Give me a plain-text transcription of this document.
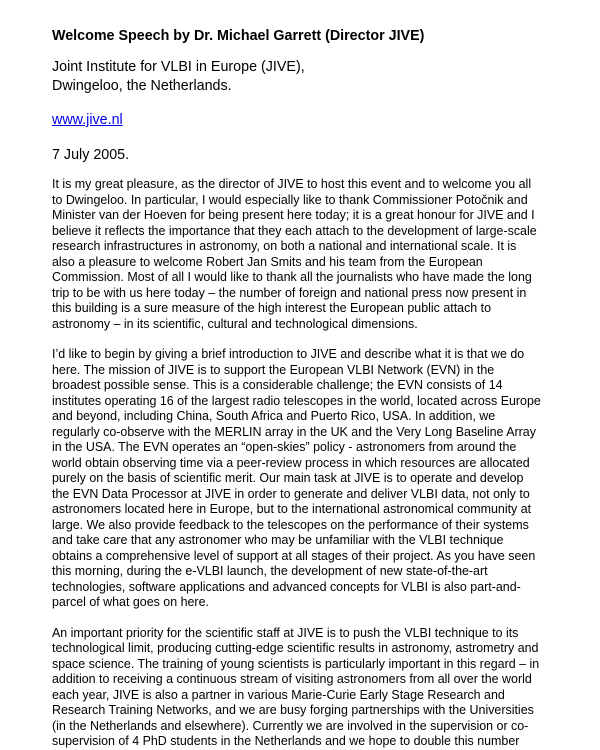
Welcome Speech by Dr. Michael Garrett (Director JIVE)
Joint Institute for VLBI in Europe (JIVE),
Dwingeloo, the Netherlands.
www.jive.nl
7 July 2005.
It is my great pleasure, as the director of JIVE to host this event and to welcome you all
to Dwingeloo. In particular, I would especially like to thank Commissioner Potočnik and
Minister van der Hoeven for being present here today; it is a great honour for JIVE and I
believe it reflects the importance that they each attach to the development of large-scale
research infrastructures in astronomy, on both a national and international scale. It is
also a pleasure to welcome Robert Jan Smits and his team from the European
Commission. Most of all I would like to thank all the journalists who have made the long
trip to be with us here today – the number of foreign and national press now present in
this building is a sure measure of the high interest the European public attach to
astronomy – in its scientific, cultural and technological dimensions.
I’d like to begin by giving a brief introduction to JIVE and describe what it is that we do
here. The mission of JIVE is to support the European VLBI Network (EVN) in the
broadest possible sense. This is a considerable challenge; the EVN consists of 14
institutes operating 16 of the largest radio telescopes in the world, located across Europe
and beyond, including China, South Africa and Puerto Rico, USA. In addition, we
regularly co-observe with the MERLIN array in the UK and the Very Long Baseline Array
in the USA. The EVN operates an “open-skies” policy - astronomers from around the
world obtain observing time via a peer-review process in which resources are allocated
purely on the basis of scientific merit. Our main task at JIVE is to operate and develop
the EVN Data Processor at JIVE in order to generate and deliver VLBI data, not only to
astronomers located here in Europe, but to the international astronomical community at
large. We also provide feedback to the telescopes on the performance of their systems
and take care that any astronomer who may be unfamiliar with the VLBI technique
obtains a comprehensive level of support at all stages of their project. As you have seen
this morning, during the e-VLBI launch, the development of new state-of-the-art
technologies, software applications and advanced concepts for VLBI is also part-and-
parcel of what goes on here.
An important priority for the scientific staff at JIVE is to push the VLBI technique to its
technological limit, producing cutting-edge scientific results in astronomy, astrometry and
space science. The training of young scientists is particularly important in this regard – in
addition to receiving a continuous stream of visiting astronomers from all over the world
each year, JIVE is also a partner in various Marie-Curie Early Stage Research and
Research Training Networks, and we are busy forging partnerships with the Universities
(in the Netherlands and elsewhere). Currently we are involved in the supervision or co-
supervision of 4 PhD students in the Netherlands and we hope to double this number
